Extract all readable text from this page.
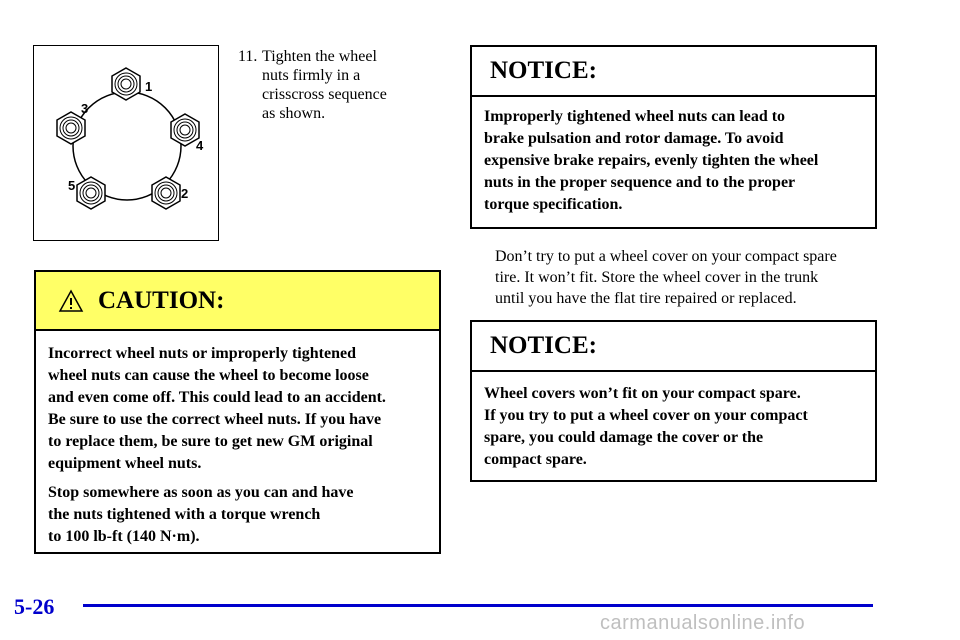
1
2
3
4
5
11. Tighten the wheel
nuts firmly in a
crisscross sequence
as shown.
CAUTION:

Incorrect wheel nuts or improperly tightened
wheel nuts can cause the wheel to become loose
and even come off. This could lead to an accident.
Be sure to use the correct wheel nuts. If you have
to replace them, be sure to get new GM original
equipment wheel nuts.

Stop somewhere as soon as you can and have
the nuts tightened with a torque wrench
to 100 lb-ft (140 N·m).

NOTICE:

Improperly tightened wheel nuts can lead to
brake pulsation and rotor damage. To avoid
expensive brake repairs, evenly tighten the wheel
nuts in the proper sequence and to the proper
torque specification.

Don’t try to put a wheel cover on your compact spare
tire. It won’t fit. Store the wheel cover in the trunk
until you have the flat tire repaired or replaced.
NOTICE:

Wheel covers won’t fit on your compact spare.
If you try to put a wheel cover on your compact
spare, you could damage the cover or the
compact spare.

5-26
carmanualsonline.info
